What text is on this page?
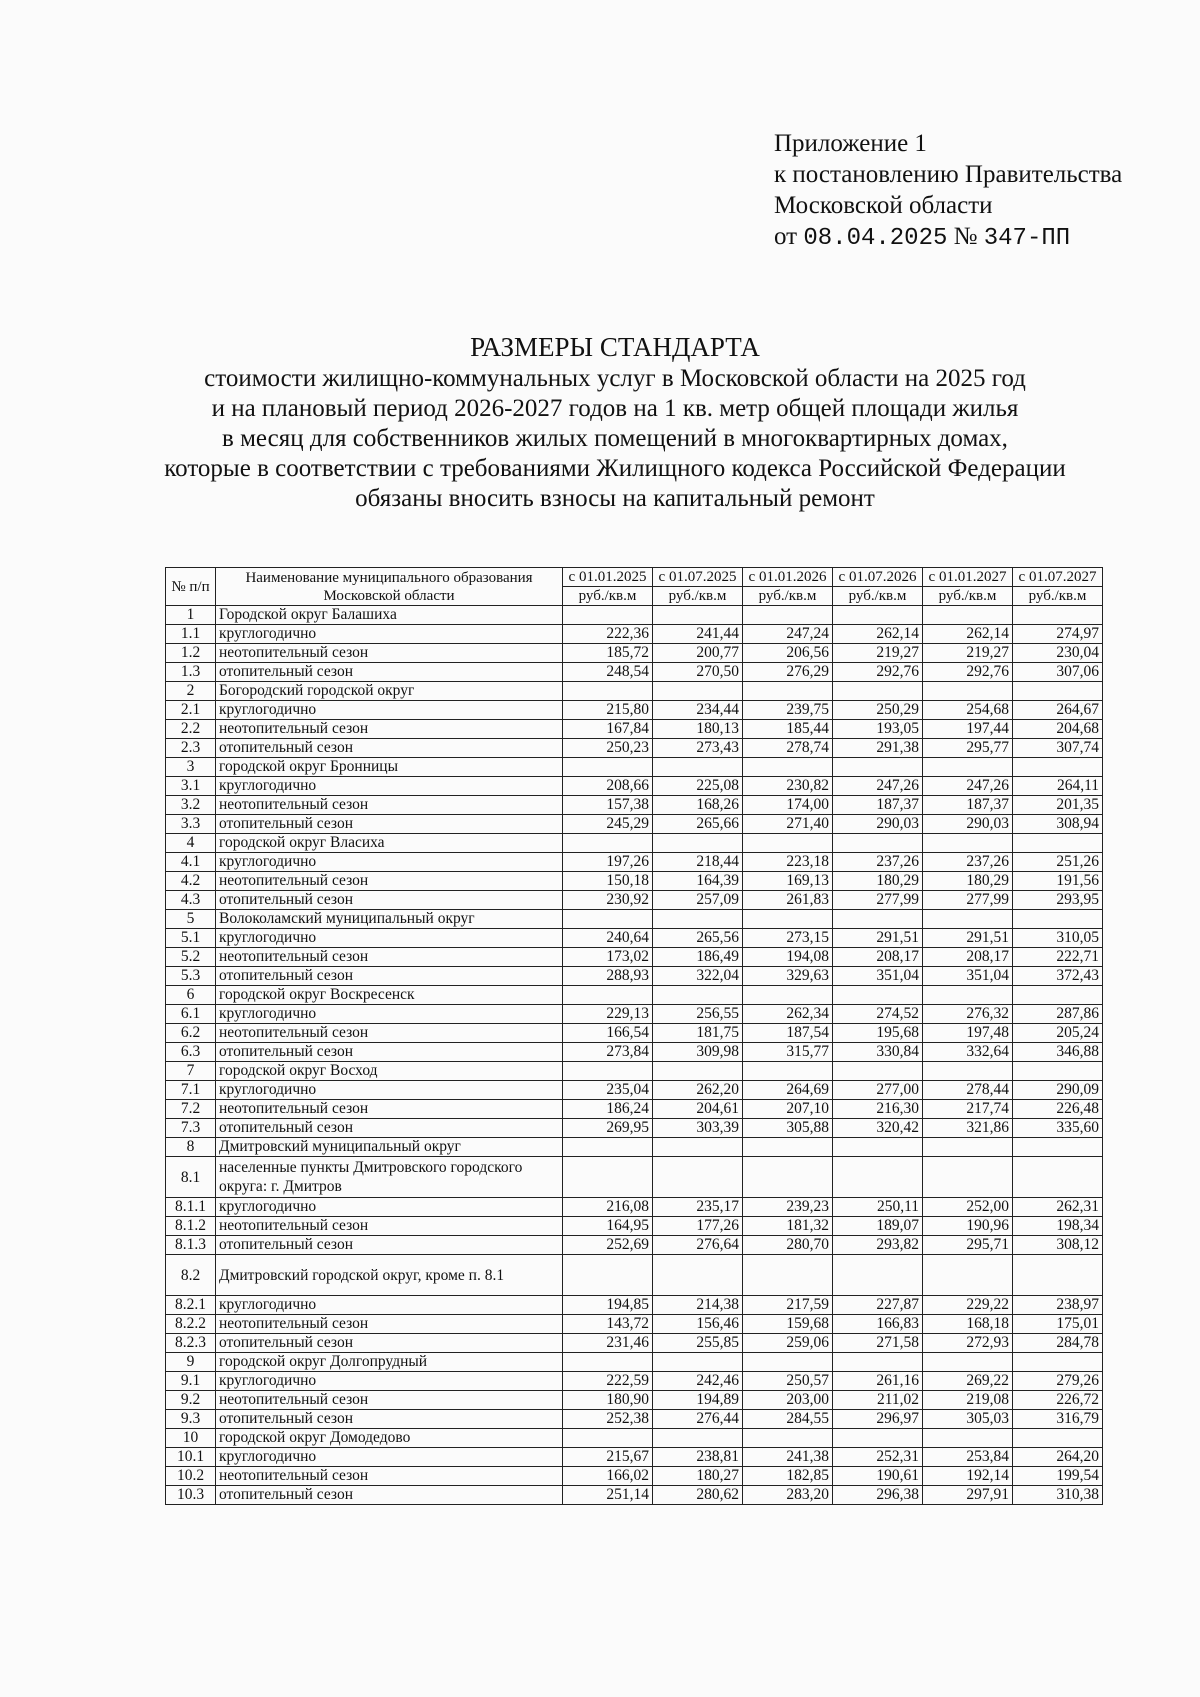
Приложение 1
к постановлению Правительства
Московской области
от 08.04.2025 № 347-ПП
РАЗМЕРЫ СТАНДАРТА
стоимости жилищно-коммунальных услуг в Московской области на 2025 год
и на плановый период 2026-2027 годов на 1 кв. метр общей площади жилья
в месяц для собственников жилых помещений в многоквартирных домах,
которые в соответствии с требованиями Жилищного кодекса Российской Федерации
обязаны вносить взносы на капитальный ремонт
№ п/п	Наименование муниципального образования Московской области	с 01.01.2025	с 01.07.2025	с 01.01.2026	с 01.07.2026	с 01.01.2027	с 01.07.2027
		руб./кв.м	руб./кв.м	руб./кв.м	руб./кв.м	руб./кв.м	руб./кв.м
1	Городской округ Балашиха						
1.1	круглогодично	222,36	241,44	247,24	262,14	262,14	274,97
1.2	неотопительный сезон	185,72	200,77	206,56	219,27	219,27	230,04
1.3	отопительный сезон	248,54	270,50	276,29	292,76	292,76	307,06
2	Богородский городской округ						
2.1	круглогодично	215,80	234,44	239,75	250,29	254,68	264,67
2.2	неотопительный сезон	167,84	180,13	185,44	193,05	197,44	204,68
2.3	отопительный сезон	250,23	273,43	278,74	291,38	295,77	307,74
3	городской округ Бронницы						
3.1	круглогодично	208,66	225,08	230,82	247,26	247,26	264,11
3.2	неотопительный сезон	157,38	168,26	174,00	187,37	187,37	201,35
3.3	отопительный сезон	245,29	265,66	271,40	290,03	290,03	308,94
4	городской округ Власиха						
4.1	круглогодично	197,26	218,44	223,18	237,26	237,26	251,26
4.2	неотопительный сезон	150,18	164,39	169,13	180,29	180,29	191,56
4.3	отопительный сезон	230,92	257,09	261,83	277,99	277,99	293,95
5	Волоколамский муниципальный округ						
5.1	круглогодично	240,64	265,56	273,15	291,51	291,51	310,05
5.2	неотопительный сезон	173,02	186,49	194,08	208,17	208,17	222,71
5.3	отопительный сезон	288,93	322,04	329,63	351,04	351,04	372,43
6	городской округ Воскресенск						
6.1	круглогодично	229,13	256,55	262,34	274,52	276,32	287,86
6.2	неотопительный сезон	166,54	181,75	187,54	195,68	197,48	205,24
6.3	отопительный сезон	273,84	309,98	315,77	330,84	332,64	346,88
7	городской округ Восход						
7.1	круглогодично	235,04	262,20	264,69	277,00	278,44	290,09
7.2	неотопительный сезон	186,24	204,61	207,10	216,30	217,74	226,48
7.3	отопительный сезон	269,95	303,39	305,88	320,42	321,86	335,60
8	Дмитровский муниципальный округ						
8.1	населенные пункты Дмитровского городского округа: г. Дмитров						
8.1.1	круглогодично	216,08	235,17	239,23	250,11	252,00	262,31
8.1.2	неотопительный сезон	164,95	177,26	181,32	189,07	190,96	198,34
8.1.3	отопительный сезон	252,69	276,64	280,70	293,82	295,71	308,12
8.2	Дмитровский городской округ, кроме п. 8.1						
8.2.1	круглогодично	194,85	214,38	217,59	227,87	229,22	238,97
8.2.2	неотопительный сезон	143,72	156,46	159,68	166,83	168,18	175,01
8.2.3	отопительный сезон	231,46	255,85	259,06	271,58	272,93	284,78
9	городской округ Долгопрудный						
9.1	круглогодично	222,59	242,46	250,57	261,16	269,22	279,26
9.2	неотопительный сезон	180,90	194,89	203,00	211,02	219,08	226,72
9.3	отопительный сезон	252,38	276,44	284,55	296,97	305,03	316,79
10	городской округ Домодедово						
10.1	круглогодично	215,67	238,81	241,38	252,31	253,84	264,20
10.2	неотопительный сезон	166,02	180,27	182,85	190,61	192,14	199,54
10.3	отопительный сезон	251,14	280,62	283,20	296,38	297,91	310,38
